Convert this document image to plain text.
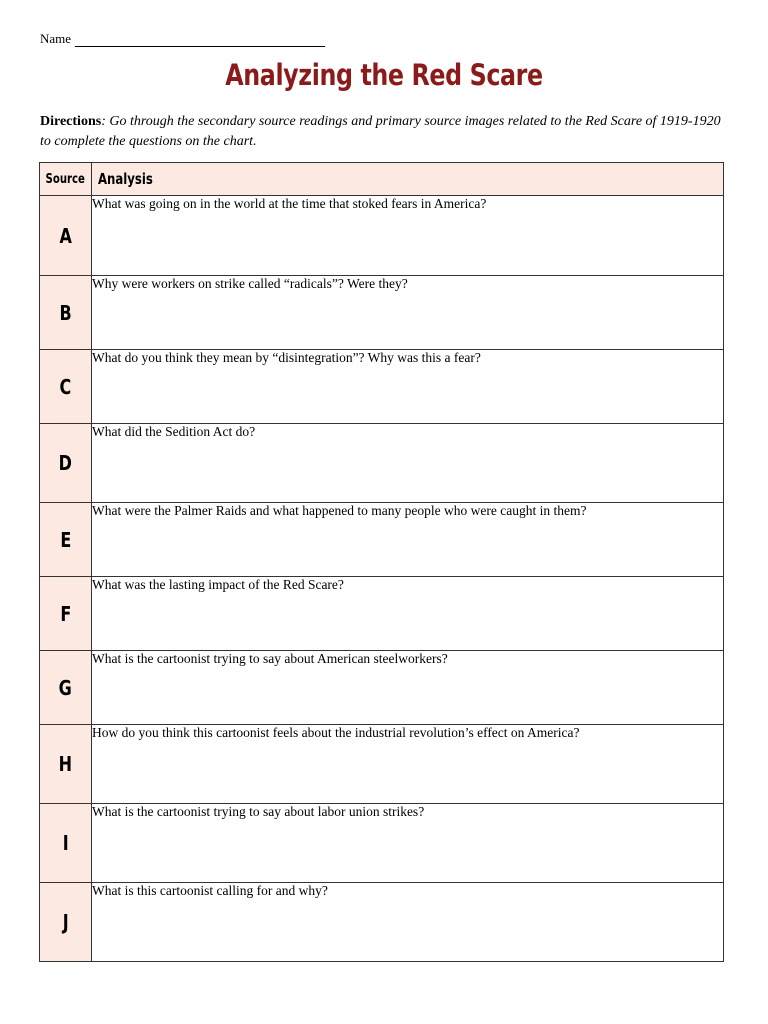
Name
Analyzing the Red Scare
Directions: Go through the secondary source readings and primary source images related to the Red Scare of 1919-1920 to complete the questions on the chart.
Source	Analysis
A	What was going on in the world at the time that stoked fears in America?
B	Why were workers on strike called “radicals”? Were they?
C	What do you think they mean by “disintegration”? Why was this a fear?
D	What did the Sedition Act do?
E	What were the Palmer Raids and what happened to many people who were caught in them?
F	What was the lasting impact of the Red Scare?
G	What is the cartoonist trying to say about American steelworkers?
H	How do you think this cartoonist feels about the industrial revolution’s effect on America?
I	What is the cartoonist trying to say about labor union strikes?
J	What is this cartoonist calling for and why?
